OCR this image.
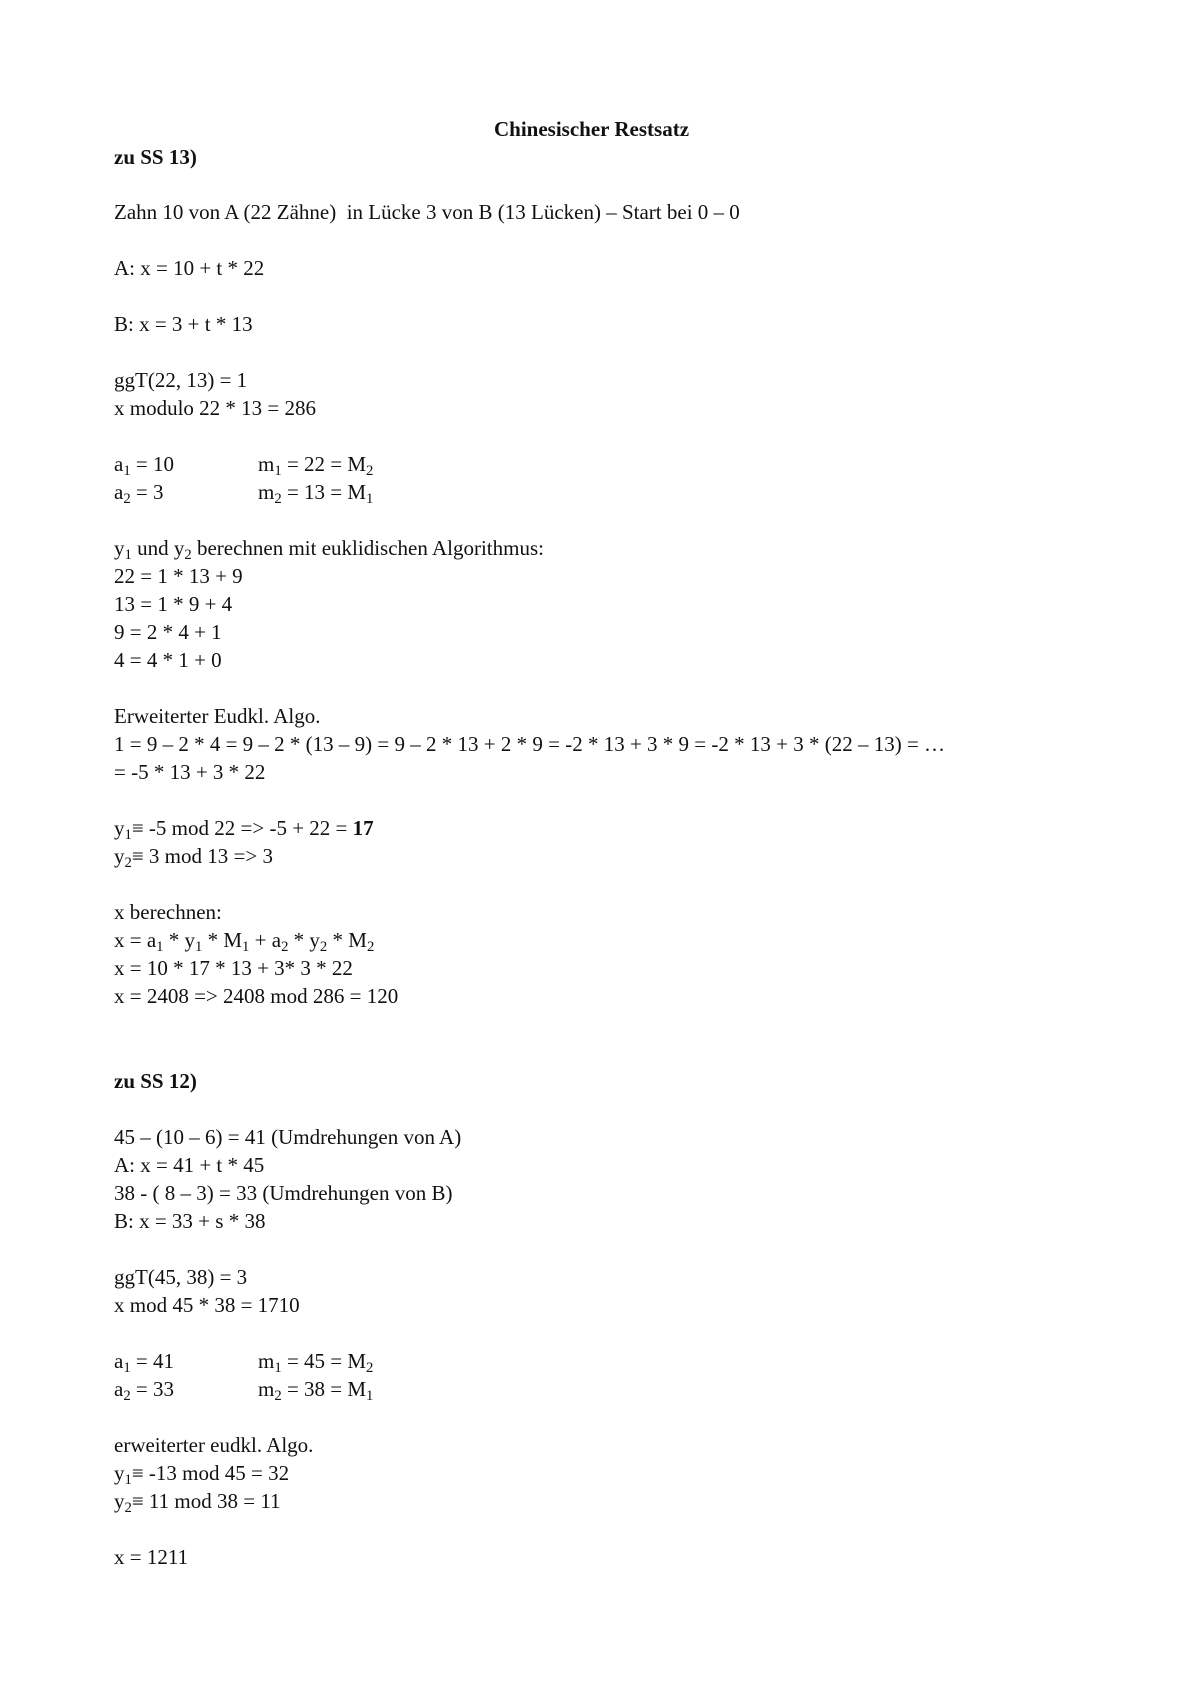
Chinesischer Restsatz
zu SS 13)
Zahn 10 von A (22 Zähne)  in Lücke 3 von B (13 Lücken) – Start bei 0 – 0
A: x = 10 + t * 22
B: x = 3 + t * 13
ggT(22, 13) = 1
x modulo 22 * 13 = 286
$a_1 = 10$	$m_1 = 22 = M_2$
$a_2 = 3$	$m_2 = 13 = M_1$
$y_1$ und $y_2$ berechnen mit euklidischen Algorithmus:
22 = 1 * 13 + 9
13 = 1 * 9 + 4
9 = 2 * 4 + 1
4 = 4 * 1 + 0
Erweiterter Eudkl. Algo.
1 = 9 – 2 * 4 = 9 – 2 * (13 – 9) = 9 – 2 * 13 + 2 * 9 = -2 * 13 + 3 * 9 = -2 * 13 + 3 * (22 – 13) = …
= -5 * 13 + 3 * 22
$y_1\equiv -5$ mod 22 => -5 + 22 = 17
$y_2\equiv 3$ mod 13 => 3
x berechnen:
$x = a_1 * y_1 * M_1 + a_2 * y_2 * M_2$
x = 10 * 17 * 13 + 3* 3 * 22
x = 2408 => 2408 mod 286 = 120
zu SS 12)
45 – (10 – 6) = 41 (Umdrehungen von A)
A: x = 41 + t * 45
38 - ( 8 – 3) = 33 (Umdrehungen von B)
B: x = 33 + s * 38
ggT(45, 38) = 3
x mod 45 * 38 = 1710
$a_1 = 41$	$m_1 = 45 = M_2$
$a_2 = 33$	$m_2 = 38 = M_1$
erweiterter eudkl. Algo.
$y_1\equiv -13$ mod 45 = 32
$y_2\equiv 11$ mod 38 = 11
x = 1211
